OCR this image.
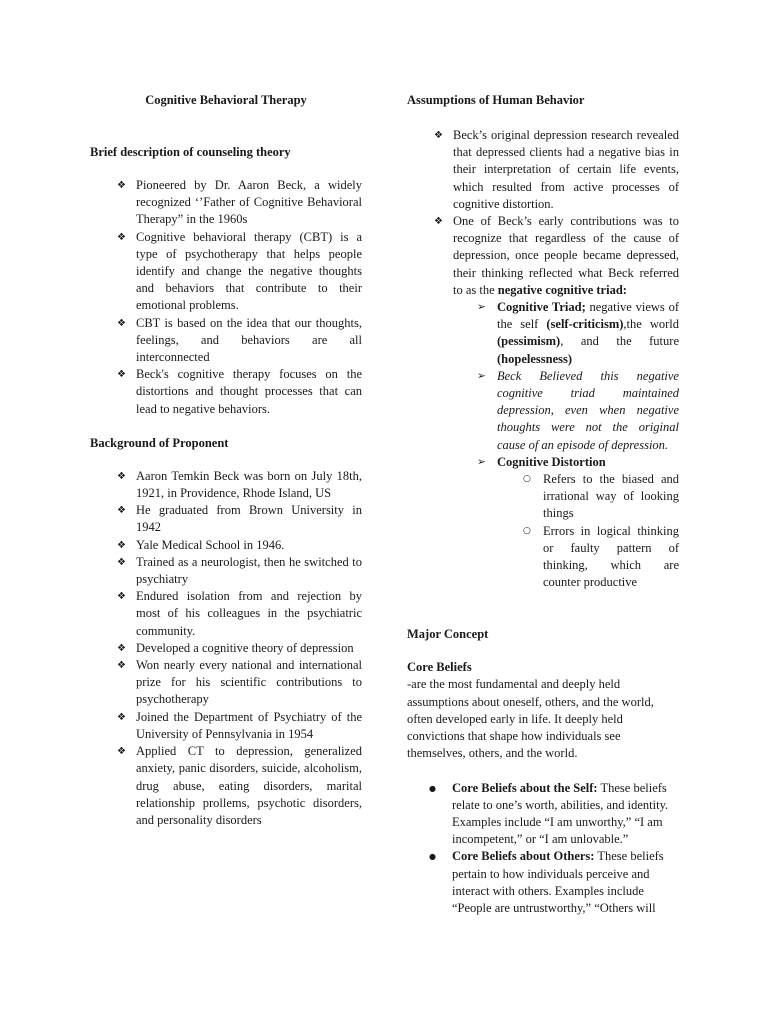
Cognitive Behavioral Therapy

Brief description of counseling theory

❖ Pioneered by Dr. Aaron Beck, a widely recognized ‘’Father of Cognitive Behavioral Therapy” in the 1960s
❖ Cognitive behavioral therapy (CBT) is a type of psychotherapy that helps people identify and change the negative thoughts and behaviors that contribute to their emotional problems.
❖ CBT is based on the idea that our thoughts, feelings, and behaviors are all interconnected
❖ Beck's cognitive therapy focuses on the distortions and thought processes that can lead to negative behaviors.

Background of Proponent

❖ Aaron Temkin Beck was born on July 18th, 1921, in Providence, Rhode Island, US
❖ He graduated from Brown University in 1942
❖ Yale Medical School in 1946.
❖ Trained as a neurologist, then he switched to psychiatry
❖ Endured isolation from and rejection by most of his colleagues in the psychiatric community.
❖ Developed a cognitive theory of depression
❖ Won nearly every national and international prize for his scientific contributions to psychotherapy
❖ Joined the Department of Psychiatry of the University of Pennsylvania in 1954
❖ Applied CT to depression, generalized anxiety, panic disorders, suicide, alcoholism, drug abuse, eating disorders, marital relationship prollems, psychotic disorders, and personality disorders

Assumptions of Human Behavior

❖ Beck’s original depression research revealed that depressed clients had a negative bias in their interpretation of certain life events, which resulted from active processes of cognitive distortion.
❖ One of Beck’s early contributions was to recognize that regardless of the cause of depression, once people became depressed, their thinking reflected what Beck referred to as the negative cognitive triad:
➢ Cognitive Triad; negative views of the self (self-criticism),the world (pessimism), and the future (hopelessness)
➢ Beck Believed this negative cognitive triad maintained depression, even when negative thoughts were not the original cause of an episode of depression.
➢ Cognitive Distortion
○ Refers to the biased and irrational way of looking things
○ Errors in logical thinking or faulty pattern of thinking, which are counter productive

Major Concept

Core Beliefs

-are the most fundamental and deeply held assumptions about oneself, others, and the world, often developed early in life. It deeply held convictions that shape how individuals see themselves, others, and the world.

● Core Beliefs about the Self: These beliefs relate to one’s worth, abilities, and identity. Examples include “I am unworthy,” “I am incompetent,” or “I am unlovable.”
● Core Beliefs about Others: These beliefs pertain to how individuals perceive and interact with others. Examples include “People are untrustworthy,” “Others will
